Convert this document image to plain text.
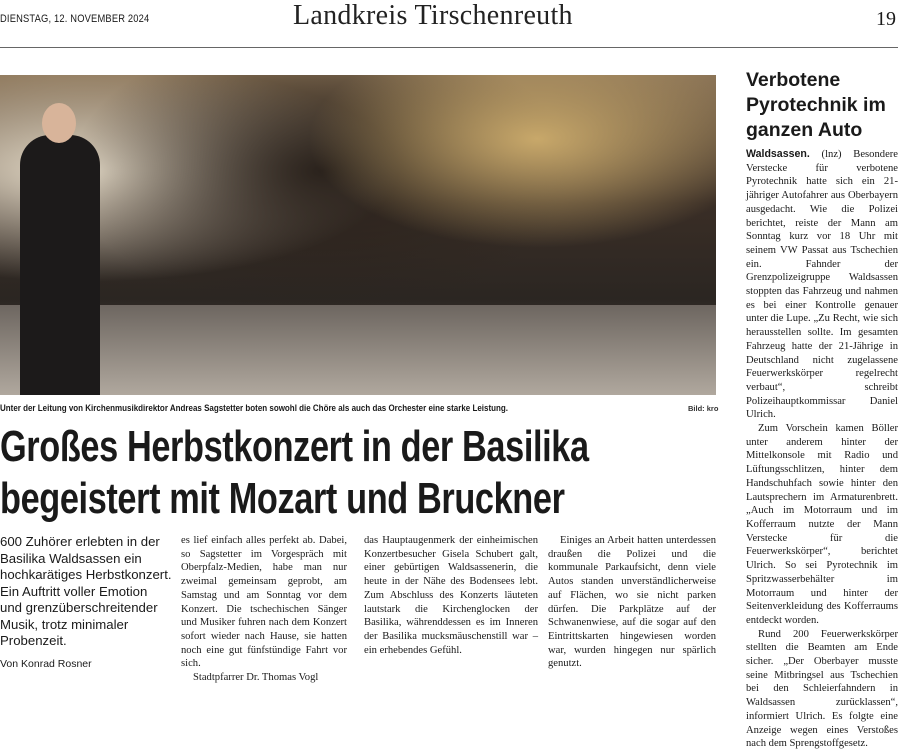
DIENSTAG, 12. NOVEMBER 2024	Landkreis Tirschenreuth	19
Unter der Leitung von Kirchenmusikdirektor Andreas Sagstetter boten sowohl die Chöre als auch das Orchester eine starke Leistung.	Bild: kro
Großes Herbstkonzert in der Basilika
begeistert mit Mozart und Bruckner
600 Zuhörer erlebten in der Basilika Waldsassen ein hochkarätiges Herbstkonzert. Ein Auftritt voller Emotion und grenzüberschreitender Musik, trotz minimaler Probenzeit.
Von Konrad Rosner

es lief einfach alles perfekt ab. Dabei, so Sagstetter im Vorgespräch mit Oberpfalz-Medien, habe man nur zweimal gemeinsam geprobt, am Samstag und am Sonntag vor dem Konzert. Die tschechischen Sänger und Musiker fuhren nach dem Konzert sofort wieder nach Hause, sie hatten noch eine gut fünfstündige Fahrt vor sich.

Stadtpfarrer Dr. Thomas Vogl

das Hauptaugenmerk der einheimischen Konzertbesucher Gisela Schubert galt, einer gebürtigen Waldsassenerin, die heute in der Nähe des Bodensees lebt. Zum Abschluss des Konzerts läuteten lautstark die Kirchenglocken der Basilika, währenddessen es im Inneren der Basilika mucksmäuschenstill war – ein erhebendes Gefühl.

Einiges an Arbeit hatten unterdessen draußen die Polizei und die kommunale Parkaufsicht, denn viele Autos standen unverständlicherweise auf Flächen, wo sie nicht parken dürfen. Die Parkplätze auf der Schwanenwiese, auf die sogar auf den Eintrittskarten hingewiesen worden war, wurden hingegen nur spärlich genutzt.

Verbotene Pyrotechnik im ganzen Auto

Waldsassen. (lnz) Besondere Verstecke für verbotene Pyrotechnik hatte sich ein 21-jähriger Autofahrer aus Oberbayern ausgedacht. Wie die Polizei berichtet, reiste der Mann am Sonntag kurz vor 18 Uhr mit seinem VW Passat aus Tschechien ein. Fahnder der Grenzpolizeigruppe Waldsassen stoppten das Fahrzeug und nahmen es bei einer Kontrolle genauer unter die Lupe. „Zu Recht, wie sich herausstellen sollte. Im gesamten Fahrzeug hatte der 21-Jährige in Deutschland nicht zugelassene Feuerwerkskörper regelrecht verbaut“, schreibt Polizeihauptkommissar Daniel Ulrich.

Zum Vorschein kamen Böller unter anderem hinter der Mittelkonsole mit Radio und Lüftungsschlitzen, hinter dem Handschuhfach sowie hinter den Lautsprechern im Armaturenbrett. „Auch im Motorraum und im Kofferraum nutzte der Mann Verstecke für die Feuerwerkskörper“, berichtet Ulrich. So sei Pyrotechnik im Spritzwasserbehälter im Motorraum und hinter der Seitenverkleidung des Kofferraums entdeckt worden.

Rund 200 Feuerwerkskörper stellten die Beamten am Ende sicher. „Der Oberbayer musste seine Mitbringsel aus Tschechien bei den Schleierfahndern in Waldsassen zurücklassen“, informiert Ulrich. Es folgte eine Anzeige wegen eines Verstoßes nach dem Sprengstoffgesetz.
